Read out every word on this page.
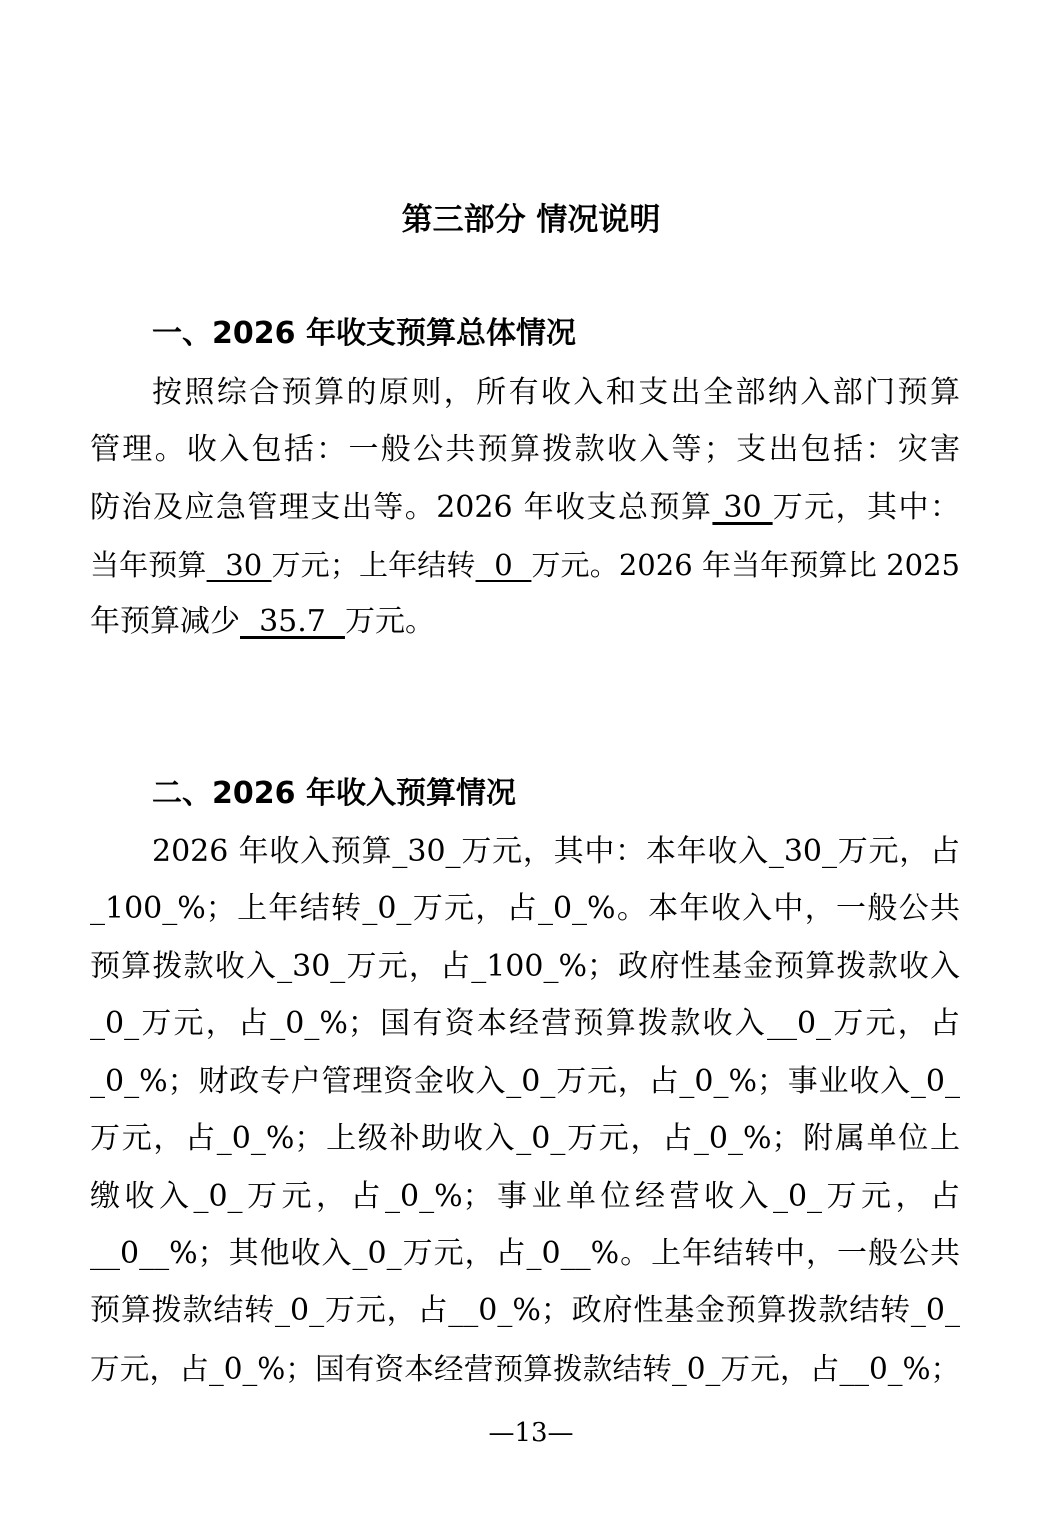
第三部分 情况说明
一、2026 年收支预算总体情况

按照综合预算的原则，所有收入和支出全部纳入部门预算

管理。收入包括：一般公共预算拨款收入等；支出包括：灾害

防治及应急管理支出等。2026 年收支总预算 30 万元，其中：

当年预算  30 万元；上年结转  0  万元。2026 年当年预算比 2025

年预算减少  35.7  万元。

二、2026 年收入预算情况

2026 年收入预算_30_万元，其中：本年收入_30_万元，占

_100_%；上年结转_0_万元，占_0_%。本年收入中，一般公共

预算拨款收入_30_万元，占_100_%；政府性基金预算拨款收入

_0_万元，占_0_%；国有资本经营预算拨款收入__0_万元，占

_0_%；财政专户管理资金收入_0_万元，占_0_%；事业收入_0_

万元，占_0_%；上级补助收入_0_万元，占_0_%；附属单位上

缴收入_0_万元，占_0_%；事业单位经营收入_0_万元，占

__0__%；其他收入_0_万元，占_0__%。上年结转中，一般公共

预算拨款结转_0_万元，占__0_%；政府性基金预算拨款结转_0_

万元，占_0_%；国有资本经营预算拨款结转_0_万元，占__0_%；

—13—
